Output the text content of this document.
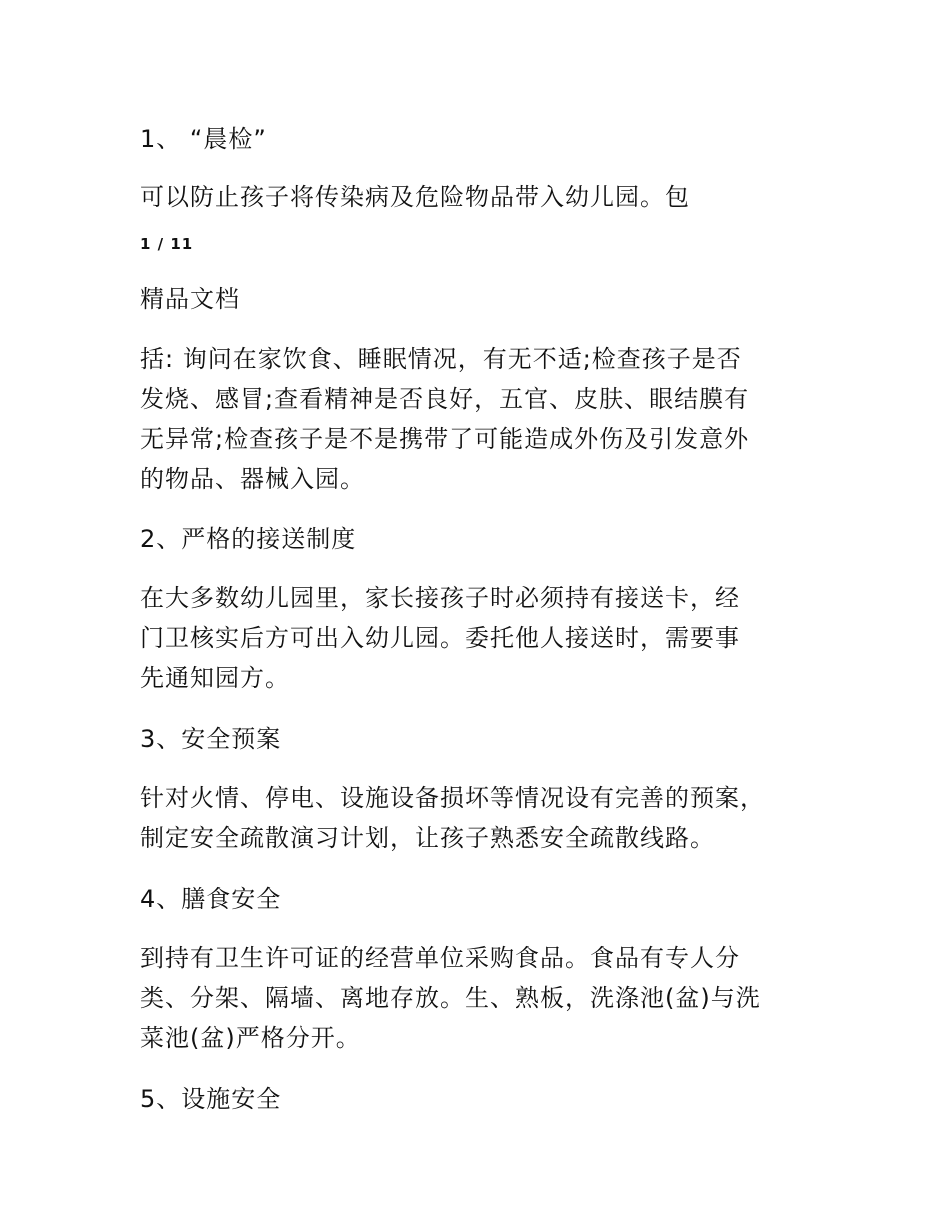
1、 “晨检”

可以防止孩子将传染病及危险物品带入幼儿园。包

1 / 11

精品文档

括: 询问在家饮食、睡眠情况，有无不适;检查孩子是否
发烧、感冒;查看精神是否良好，五官、皮肤、眼结膜有
无异常;检查孩子是不是携带了可能造成外伤及引发意外
的物品、器械入园。

2、严格的接送制度

在大多数幼儿园里，家长接孩子时必须持有接送卡，经
门卫核实后方可出入幼儿园。委托他人接送时，需要事
先通知园方。

3、安全预案

针对火情、停电、设施设备损坏等情况设有完善的预案，
制定安全疏散演习计划，让孩子熟悉安全疏散线路。

4、膳食安全

到持有卫生许可证的经营单位采购食品。食品有专人分
类、分架、隔墙、离地存放。生、熟板，洗涤池(盆)与洗
菜池(盆)严格分开。

5、设施安全
